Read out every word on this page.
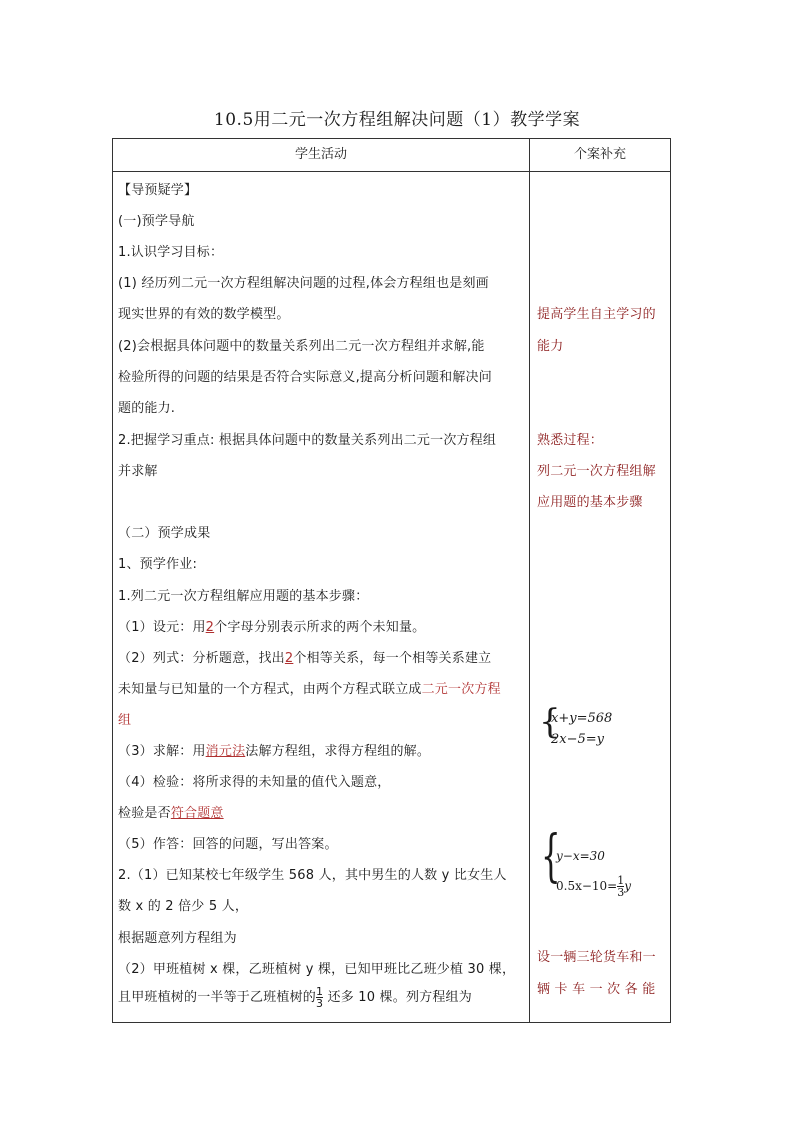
10.5用二元一次方程组解决问题（1）教学学案
学生活动	个案补充
【导预疑学】
(一)预学导航
1.认识学习目标：
(1) 经历列二元一次方程组解决问题的过程,体会方程组也是刻画
现实世界的有效的数学模型。
(2)会根据具体问题中的数量关系列出二元一次方程组并求解,能
检验所得的问题的结果是否符合实际意义,提高分析问题和解决问
题的能力.
2.把握学习重点: 根据具体问题中的数量关系列出二元一次方程组
并求解
（二）预学成果
1、预学作业:
1.列二元一次方程组解应用题的基本步骤：
（1）设元：用2个字母分别表示所求的两个未知量。
（2）列式：分析题意，找出2个相等关系，每一个相等关系建立
未知量与已知量的一个方程式，由两个方程式联立成二元一次方程
组
（3）求解：用消元法法解方程组，求得方程组的解。
（4）检验：将所求得的未知量的值代入题意，
检验是否符合题意
（5）作答：回答的问题，写出答案。
2.（1）已知某校七年级学生 568 人，其中男生的人数 y 比女生人
数 x 的 2 倍少 5 人，
根据题意列方程组为
（2）甲班植树 x 棵，乙班植树 y 棵，已知甲班比乙班少植 30 棵，
且甲班植树的一半等于乙班植树的 $\frac{1}{3}$ 还多 10 棵。列方程组为
提高学生自主学习的
能力
熟悉过程：
列二元一次方程组解
应用题的基本步骤
{
x+y=568
2x−5=y
{
y−x=30
$0.5x-10= \frac{1}{3}$ y
设一辆三轮货车和一
辆 卡 车 一 次 各 能
